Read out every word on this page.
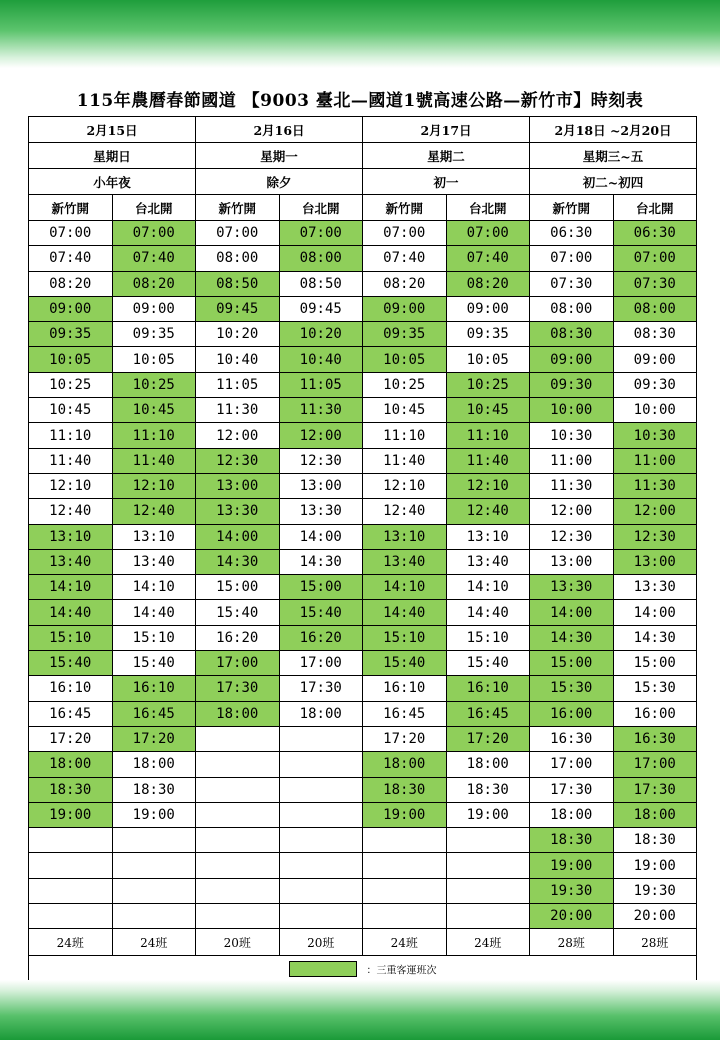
115年農曆春節國道 【9003 臺北—國道1號高速公路—新竹市】時刻表
2月15日		2月16日		2月17日		2月18日 ~2月20日	
星期日		星期一		星期二		星期三~五	
小年夜		除夕		初一		初二~初四	
新竹開	台北開	新竹開	台北開	新竹開	台北開	新竹開	台北開
07:00	07:00	07:00	07:00	07:00	07:00	06:30	06:30
07:40	07:40	08:00	08:00	07:40	07:40	07:00	07:00
08:20	08:20	08:50	08:50	08:20	08:20	07:30	07:30
09:00	09:00	09:45	09:45	09:00	09:00	08:00	08:00
09:35	09:35	10:20	10:20	09:35	09:35	08:30	08:30
10:05	10:05	10:40	10:40	10:05	10:05	09:00	09:00
10:25	10:25	11:05	11:05	10:25	10:25	09:30	09:30
10:45	10:45	11:30	11:30	10:45	10:45	10:00	10:00
11:10	11:10	12:00	12:00	11:10	11:10	10:30	10:30
11:40	11:40	12:30	12:30	11:40	11:40	11:00	11:00
12:10	12:10	13:00	13:00	12:10	12:10	11:30	11:30
12:40	12:40	13:30	13:30	12:40	12:40	12:00	12:00
13:10	13:10	14:00	14:00	13:10	13:10	12:30	12:30
13:40	13:40	14:30	14:30	13:40	13:40	13:00	13:00
14:10	14:10	15:00	15:00	14:10	14:10	13:30	13:30
14:40	14:40	15:40	15:40	14:40	14:40	14:00	14:00
15:10	15:10	16:20	16:20	15:10	15:10	14:30	14:30
15:40	15:40	17:00	17:00	15:40	15:40	15:00	15:00
16:10	16:10	17:30	17:30	16:10	16:10	15:30	15:30
16:45	16:45	18:00	18:00	16:45	16:45	16:00	16:00
17:20	17:20			17:20	17:20	16:30	16:30
18:00	18:00			18:00	18:00	17:00	17:00
18:30	18:30			18:30	18:30	17:30	17:30
19:00	19:00			19:00	19:00	18:00	18:00
						18:30	18:30
						19:00	19:00
						19:30	19:30
						20:00	20:00
24班	24班	20班	20班	24班	24班	28班	28班
：三重客運班次							
